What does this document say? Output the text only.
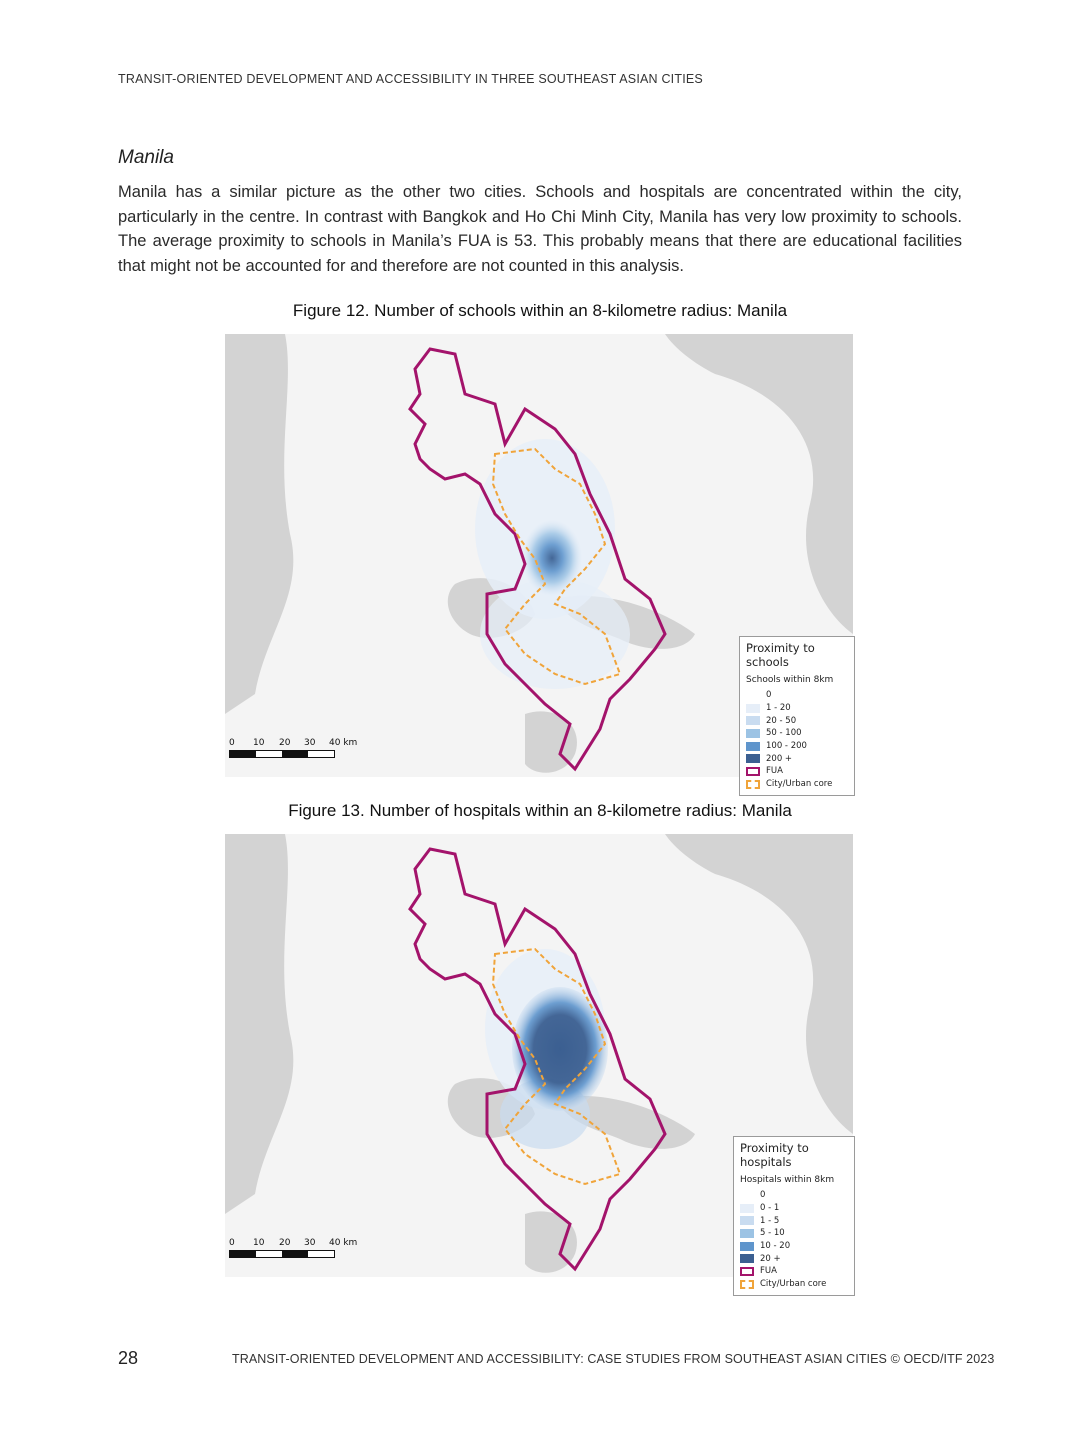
TRANSIT-ORIENTED DEVELOPMENT AND ACCESSIBILITY IN THREE SOUTHEAST ASIAN CITIES
Manila
Manila has a similar picture as the other two cities. Schools and hospitals are concentrated within the city, particularly in the centre. In contrast with Bangkok and Ho Chi Minh City, Manila has very low proximity to schools. The average proximity to schools in Manila’s FUA is 53. This probably means that there are educational facilities that might not be accounted for and therefore are not counted in this analysis.
Figure 12. Number of schools within an 8-kilometre radius: Manila
0 10 20 30 40 km
Proximity to schools
Schools within 8km
0
1 - 20
20 - 50
50 - 100
100 - 200
200 +
FUA
City/Urban core
Figure 13. Number of hospitals within an 8-kilometre radius: Manila
0 10 20 30 40 km
Proximity to hospitals
Hospitals within 8km
0
0 - 1
1 - 5
5 - 10
10 - 20
20 +
FUA
City/Urban core
28	TRANSIT-ORIENTED DEVELOPMENT AND ACCESSIBILITY: CASE STUDIES FROM SOUTHEAST ASIAN CITIES © OECD/ITF 2023
